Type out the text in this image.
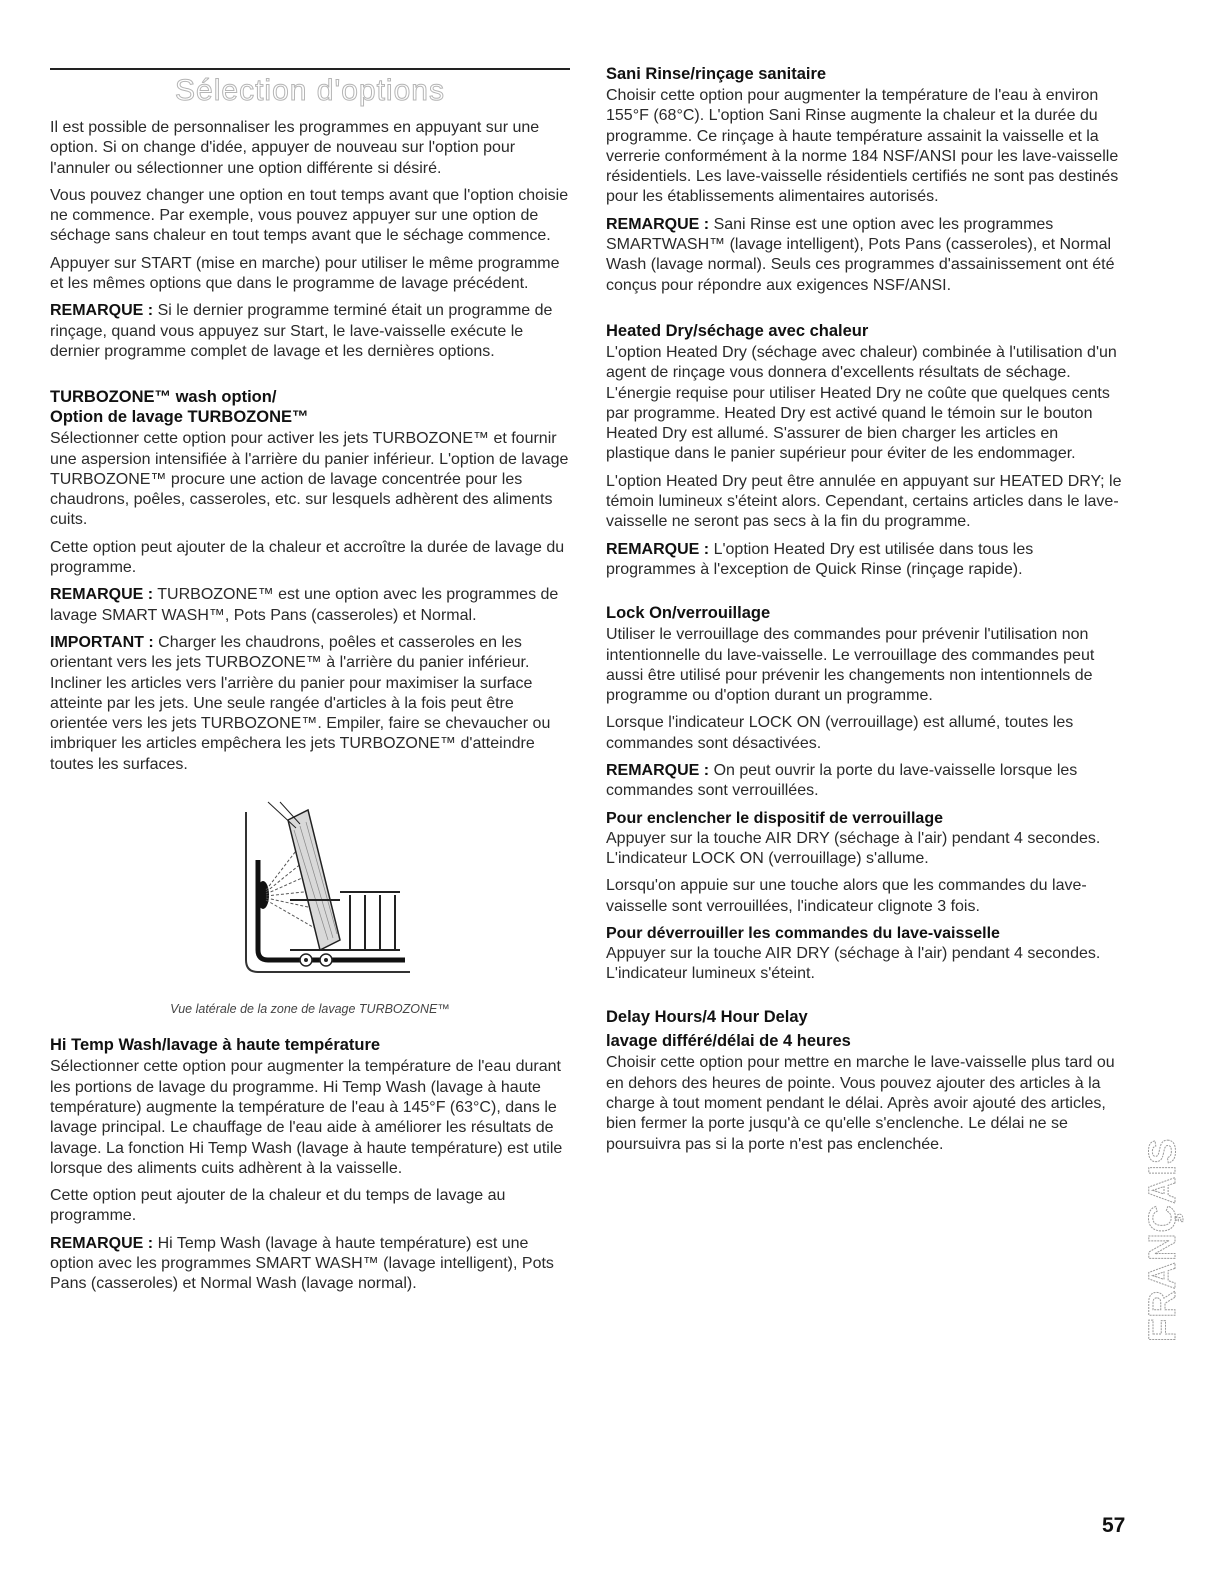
Sélection d'options

Il est possible de personnaliser les programmes en appuyant sur une option. Si on change d'idée, appuyer de nouveau sur l'option pour l'annuler ou sélectionner une option différente si désiré.

Vous pouvez changer une option en tout temps avant que l'option choisie ne commence. Par exemple, vous pouvez appuyer sur une option de séchage sans chaleur en tout temps avant que le séchage commence.

Appuyer sur START (mise en marche) pour utiliser le même programme et les mêmes options que dans le programme de lavage précédent.

REMARQUE : Si le dernier programme terminé était un programme de rinçage, quand vous appuyez sur Start, le lave-vaisselle exécute le dernier programme complet de lavage et les dernières options.

TURBOZONE™ wash option/
Option de lavage TURBOZONE™

Sélectionner cette option pour activer les jets TURBOZONE™ et fournir une aspersion intensifiée à l'arrière du panier inférieur. L'option de lavage TURBOZONE™ procure une action de lavage concentrée pour les chaudrons, poêles, casseroles, etc. sur lesquels adhèrent des aliments cuits.

Cette option peut ajouter de la chaleur et accroître la durée de lavage du programme.

REMARQUE : TURBOZONE™ est une option avec les programmes de lavage SMART WASH™, Pots Pans (casseroles) et Normal.

IMPORTANT : Charger les chaudrons, poêles et casseroles en les orientant vers les jets TURBOZONE™ à l'arrière du panier inférieur. Incliner les articles vers l'arrière du panier pour maximiser la surface atteinte par les jets. Une seule rangée d'articles à la fois peut être orientée vers les jets TURBOZONE™. Empiler, faire se chevaucher ou imbriquer les articles empêchera les jets TURBOZONE™ d'atteindre toutes les surfaces.

Vue latérale de la zone de lavage TURBOZONE™

Hi Temp Wash/lavage à haute température

Sélectionner cette option pour augmenter la température de l'eau durant les portions de lavage du programme. Hi Temp Wash (lavage à haute température) augmente la température de l'eau à 145°F (63°C), dans le lavage principal. Le chauffage de l'eau aide à améliorer les résultats de lavage. La fonction Hi Temp Wash (lavage à haute température) est utile lorsque des aliments cuits adhèrent à la vaisselle.

Cette option peut ajouter de la chaleur et du temps de lavage au programme.

REMARQUE : Hi Temp Wash (lavage à haute température) est une option avec les programmes SMART WASH™ (lavage intelligent), Pots Pans (casseroles) et Normal Wash (lavage normal).

Sani Rinse/rinçage sanitaire

Choisir cette option pour augmenter la température de l'eau à environ 155°F (68°C). L'option Sani Rinse augmente la chaleur et la durée du programme. Ce rinçage à haute température assainit la vaisselle et la verrerie conformément à la norme 184 NSF/ANSI pour les lave-vaisselle résidentiels. Les lave-vaisselle résidentiels certifiés ne sont pas destinés pour les établissements alimentaires autorisés.

REMARQUE : Sani Rinse est une option avec les programmes SMARTWASH™ (lavage intelligent), Pots Pans (casseroles), et Normal Wash (lavage normal). Seuls ces programmes d'assainissement ont été conçus pour répondre aux exigences NSF/ANSI.

Heated Dry/séchage avec chaleur

L'option Heated Dry (séchage avec chaleur) combinée à l'utilisation d'un agent de rinçage vous donnera d'excellents résultats de séchage. L'énergie requise pour utiliser Heated Dry ne coûte que quelques cents par programme. Heated Dry est activé quand le témoin sur le bouton Heated Dry est allumé. S'assurer de bien charger les articles en plastique dans le panier supérieur pour éviter de les endommager.

L'option Heated Dry peut être annulée en appuyant sur HEATED DRY; le témoin lumineux s'éteint alors. Cependant, certains articles dans le lave-vaisselle ne seront pas secs à la fin du programme.

REMARQUE : L'option Heated Dry est utilisée dans tous les programmes à l'exception de Quick Rinse (rinçage rapide).

Lock On/verrouillage

Utiliser le verrouillage des commandes pour prévenir l'utilisation non intentionnelle du lave-vaisselle. Le verrouillage des commandes peut aussi être utilisé pour prévenir les changements non intentionnels de programme ou d'option durant un programme.

Lorsque l'indicateur LOCK ON (verrouillage) est allumé, toutes les commandes sont désactivées.

REMARQUE : On peut ouvrir la porte du lave-vaisselle lorsque les commandes sont verrouillées.

Pour enclencher le dispositif de verrouillage

Appuyer sur la touche AIR DRY (séchage à l'air) pendant 4 secondes. L'indicateur LOCK ON (verrouillage) s'allume.

Lorsqu'on appuie sur une touche alors que les commandes du lave-vaisselle sont verrouillées, l'indicateur clignote 3 fois.

Pour déverrouiller les commandes du lave-vaisselle

Appuyer sur la touche AIR DRY (séchage à l'air) pendant 4 secondes. L'indicateur lumineux s'éteint.

Delay Hours/4 Hour Delay
lavage différé/délai de 4 heures

Choisir cette option pour mettre en marche le lave-vaisselle plus tard ou en dehors des heures de pointe. Vous pouvez ajouter des articles à la charge à tout moment pendant le délai. Après avoir ajouté des articles, bien fermer la porte jusqu'à ce qu'elle s'enclenche. Le délai ne se poursuivra pas si la porte n'est pas enclenchée.	FRANÇAIS
57
